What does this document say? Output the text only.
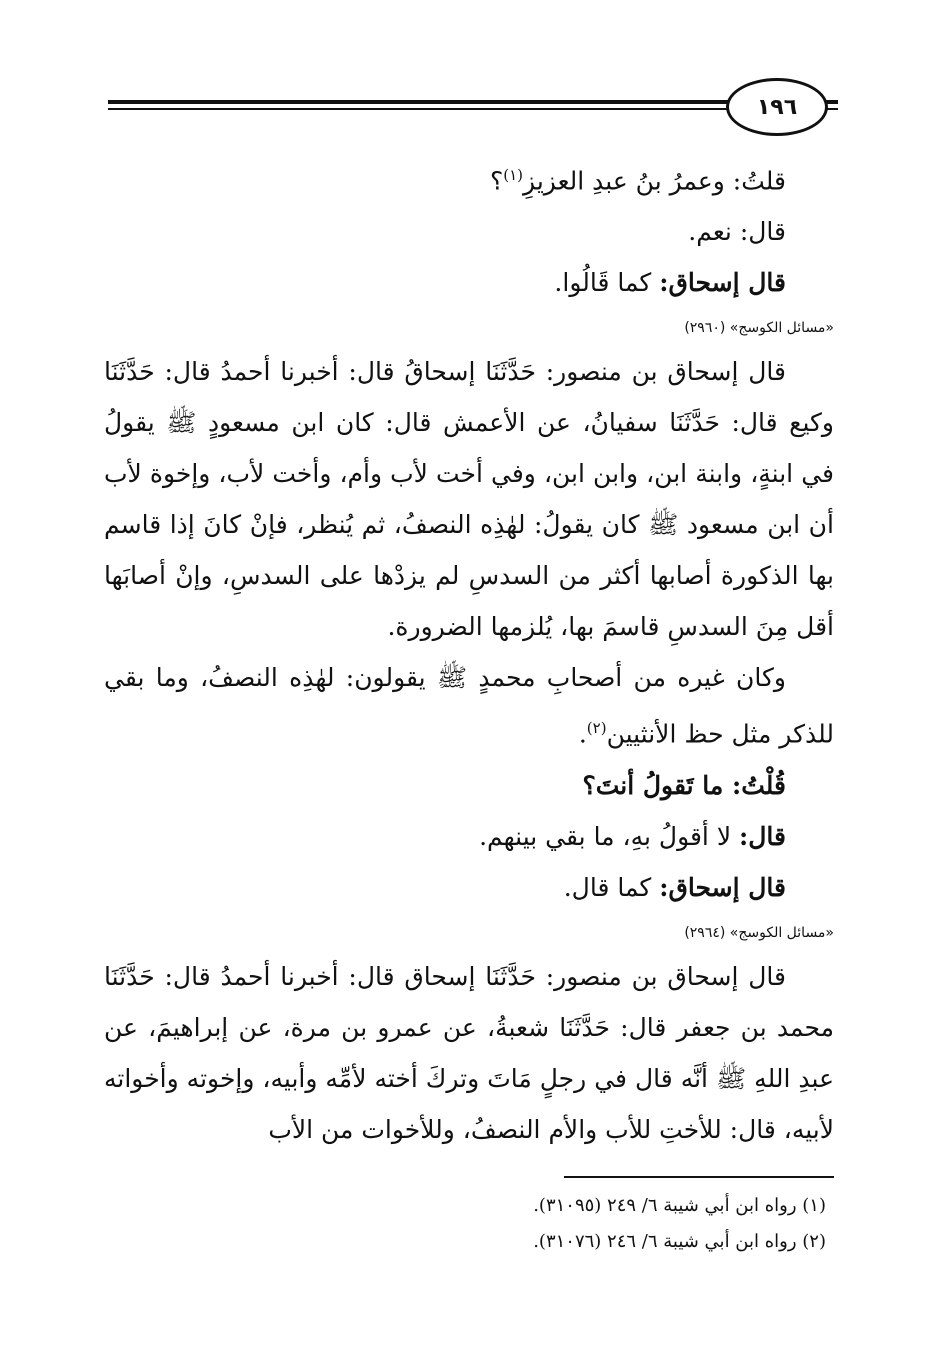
١٩٦

قلتُ: وعمرُ بنُ عبدِ العزيزِ$^{(١)}$؟

قال: نعم.

قال إسحاق: كما قَالُوا.

«مسائل الكوسج» (٢٩٦٠)

قال إسحاق بن منصور: حَدَّثَنَا إسحاقُ قال: أخبرنا أحمدُ قال: حَدَّثَنَا وكيع قال: حَدَّثَنَا سفيانُ، عن الأعمش قال: كان ابن مسعودٍ ﷺ يقولُ في ابنةٍ، وابنة ابن، وابن ابن، وفي أخت لأب وأم، وأخت لأب، وإخوة لأب أن ابن مسعود ﷺ كان يقولُ: لهٰذِه النصفُ، ثم يُنظر، فإنْ كانَ إذا قاسم بها الذكورة أصابها أكثر من السدسِ لم يزدْها على السدسِ، وإنْ أصابَها أقل مِنَ السدسِ قاسمَ بها، يُلزمها الضرورة.

وكان غيره من أصحابِ محمدٍ ﷺ يقولون: لهٰذِه النصفُ، وما بقي للذكر مثل حظ الأنثيين$^{(٢)}$.

قُلْتُ: ما تَقولُ أنتَ؟

قال: لا أقولُ بهِ، ما بقي بينهم.

قال إسحاق: كما قال.

«مسائل الكوسج» (٢٩٦٤)

قال إسحاق بن منصور: حَدَّثَنَا إسحاق قال: أخبرنا أحمدُ قال: حَدَّثَنَا محمد بن جعفر قال: حَدَّثَنَا شعبةُ، عن عمرو بن مرة، عن إبراهيمَ، عن عبدِ اللهِ ﷺ أنَّه قال في رجلٍ مَاتَ وتركَ أخته لأمِّه وأبيه، وإخوته وأخواته لأبيه، قال: للأختِ للأب والأم النصفُ، وللأخوات من الأب

(١) رواه ابن أبي شيبة ٦/ ٢٤٩ (٣١٠٩٥).
(٢) رواه ابن أبي شيبة ٦/ ٢٤٦ (٣١٠٧٦).
